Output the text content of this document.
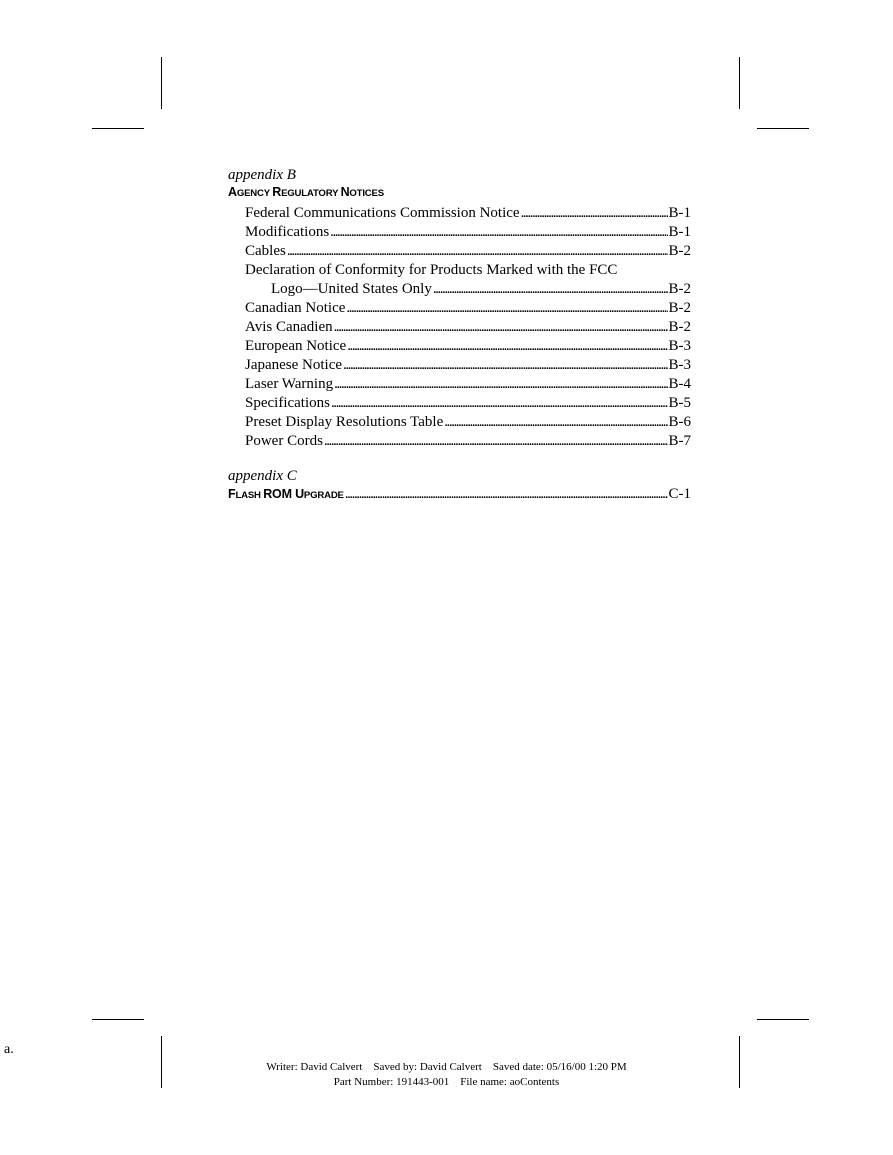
appendix B

AGENCY REGULATORY NOTICES

Federal Communications Commission Notice . . .	B-1
Modifications . . .	B-1
Cables . . .	B-2
Declaration of Conformity for Products Marked with the FCC
Logo—United States Only . . .	B-2
Canadian Notice . . .	B-2
Avis Canadien . . .	B-2
European Notice . . .	B-3
Japanese Notice . . .	B-3
Laser Warning . . .	B-4
Specifications . . .	B-5
Preset Display Resolutions Table . . .	B-6
Power Cords . . .	B-7

appendix C

FLASH ROM UPGRADE . . .	C-1
a.
Writer: David Calvert    Saved by: David Calvert    Saved date: 05/16/00 1:20 PM
Part Number: 191443-001    File name: aoContents
